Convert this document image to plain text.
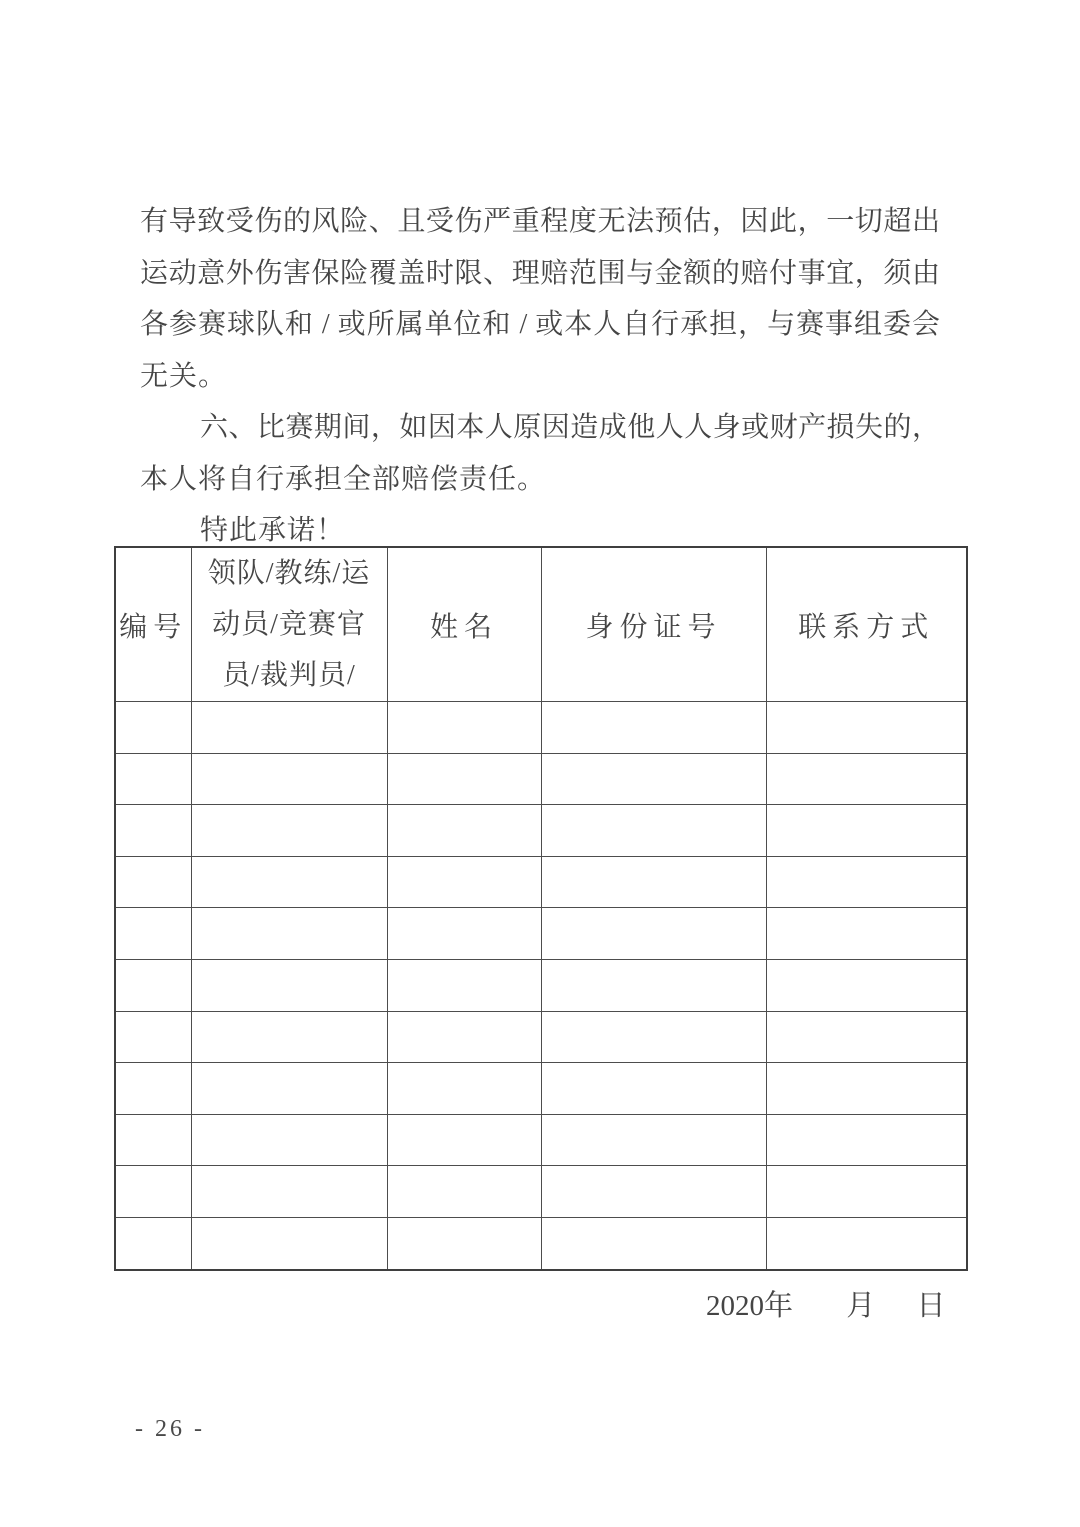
有导致受伤的风险、且受伤严重程度无法预估，因此，一切超出
运动意外伤害保险覆盖时限、理赔范围与金额的赔付事宜，须由
各参赛球队和 / 或所属单位和 / 或本人自行承担，与赛事组委会
无关。
六、比赛期间，如因本人原因造成他人人身或财产损失的，
本人将自行承担全部赔偿责任。
特此承诺！
编号	领队/教练/运
动员/竞赛官
员/裁判员/	姓名	身份证号	联系方式

2020年 月 日
- 26 -
